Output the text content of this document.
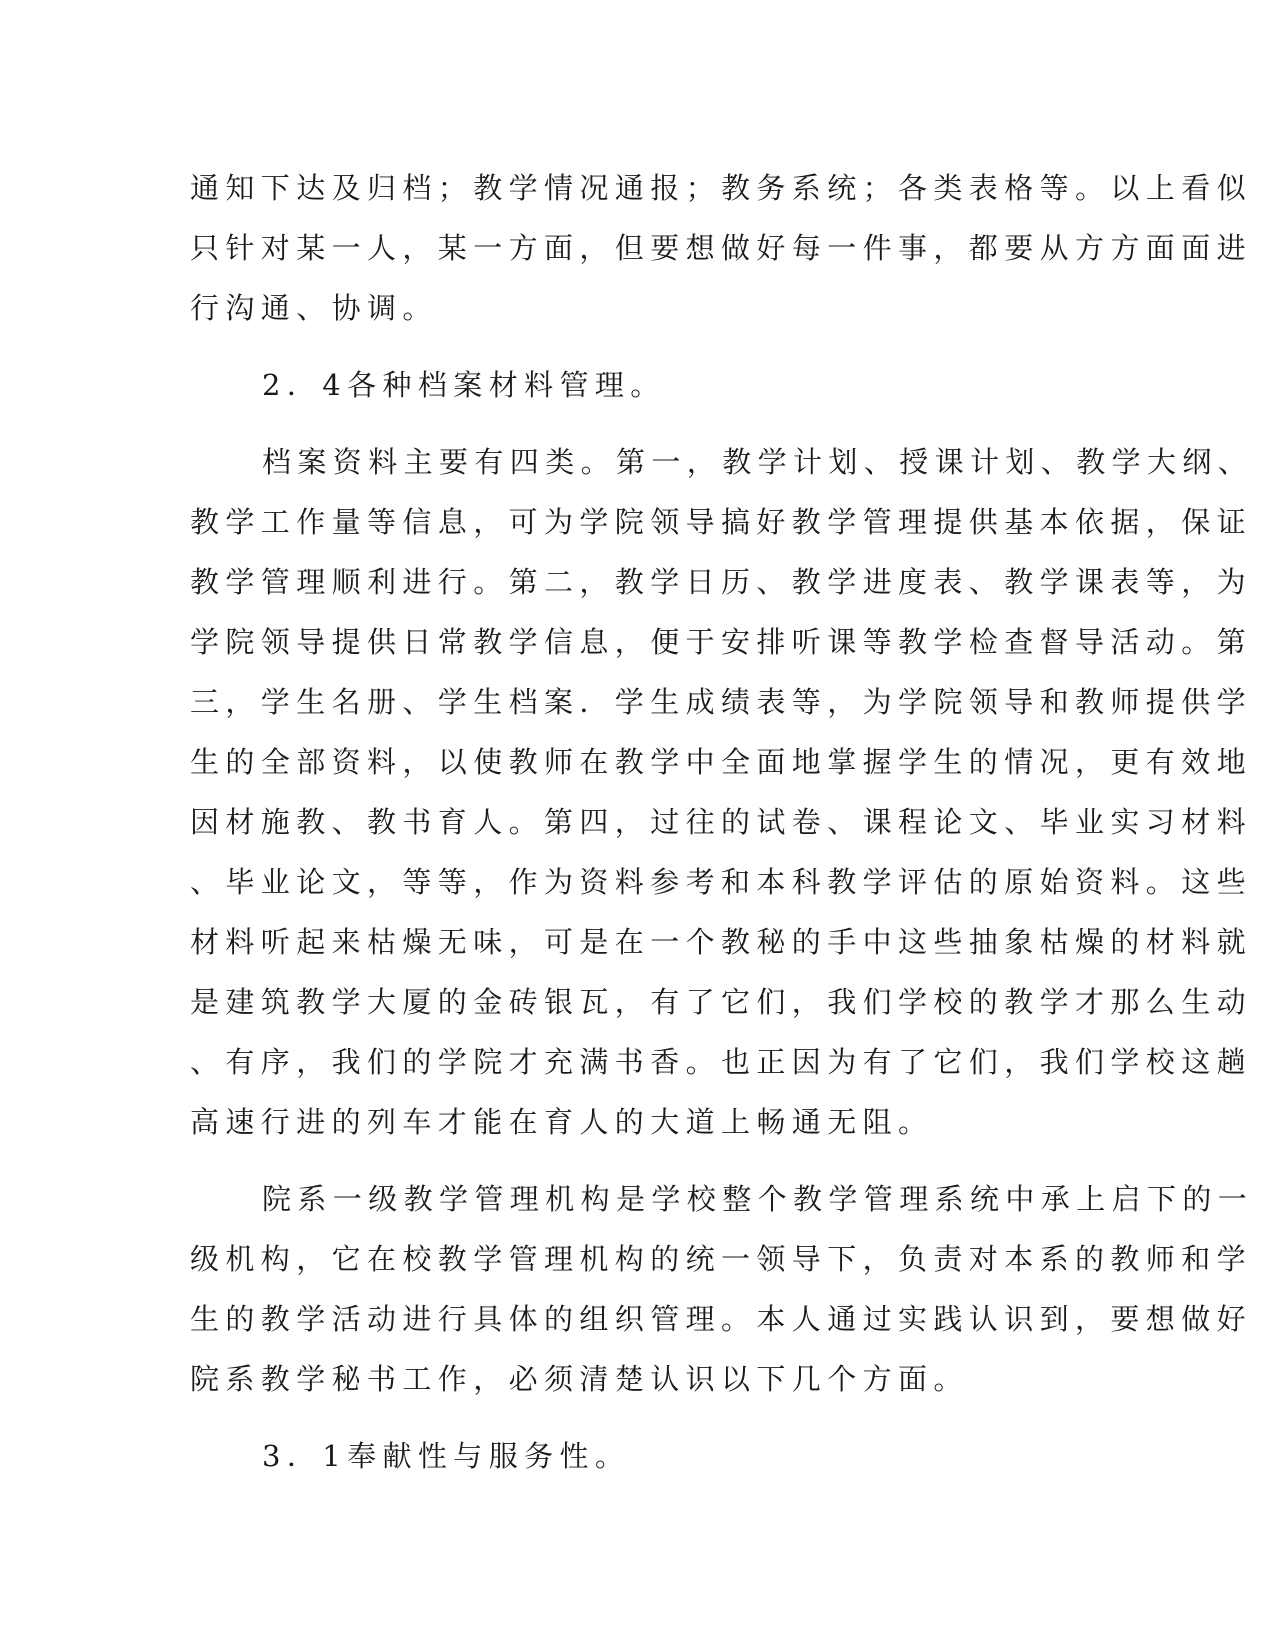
通知下达及归档；教学情况通报；教务系统；各类表格等。以上看似
只针对某一人，某一方面，但要想做好每一件事，都要从方方面面进
行沟通、协调。
2．4各种档案材料管理。
档案资料主要有四类。第一，教学计划、授课计划、教学大纲、
教学工作量等信息，可为学院领导搞好教学管理提供基本依据，保证
教学管理顺利进行。第二，教学日历、教学进度表、教学课表等，为
学院领导提供日常教学信息，便于安排听课等教学检查督导活动。第
三，学生名册、学生档案．学生成绩表等，为学院领导和教师提供学
生的全部资料，以使教师在教学中全面地掌握学生的情况，更有效地
因材施教、教书育人。第四，过往的试卷、课程论文、毕业实习材料
、毕业论文，等等，作为资料参考和本科教学评估的原始资料。这些
材料听起来枯燥无味，可是在一个教秘的手中这些抽象枯燥的材料就
是建筑教学大厦的金砖银瓦，有了它们，我们学校的教学才那么生动
、有序，我们的学院才充满书香。也正因为有了它们，我们学校这趟
高速行进的列车才能在育人的大道上畅通无阻。
院系一级教学管理机构是学校整个教学管理系统中承上启下的一
级机构，它在校教学管理机构的统一领导下，负责对本系的教师和学
生的教学活动进行具体的组织管理。本人通过实践认识到，要想做好
院系教学秘书工作，必须清楚认识以下几个方面。
3．1奉献性与服务性。
